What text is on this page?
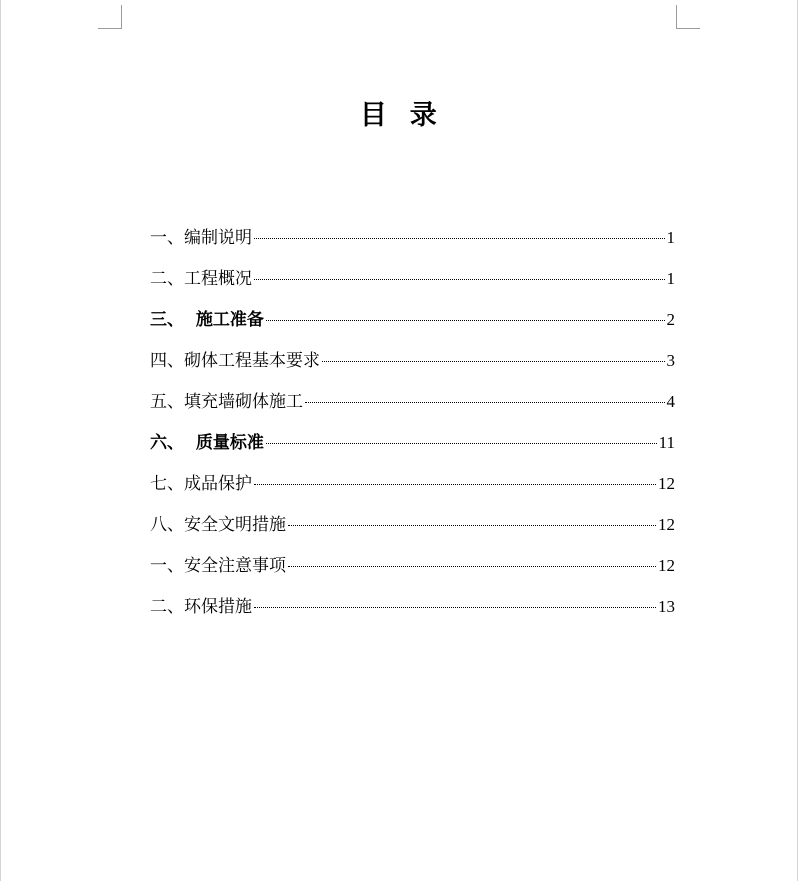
目  录
一、编制说明	1
二、工程概况	1
三、  施工准备	2
四、砌体工程基本要求	3
五、填充墙砌体施工	4
六、  质量标准	11
七、成品保护	12
八、安全文明措施	12
一、安全注意事项	12
二、环保措施	13
